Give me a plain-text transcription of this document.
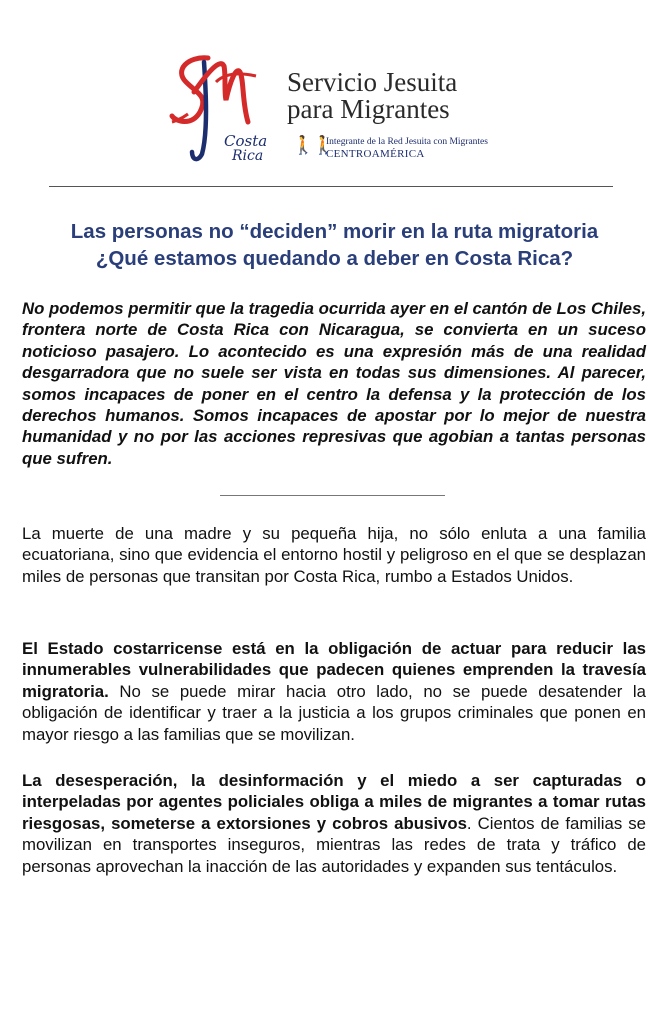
Costa
Rica
Servicio Jesuita
para Migrantes
🚶🚶
Integrante de la Red Jesuita con Migrantes
CENTROAMÉRICA
Las personas no “deciden” morir en la ruta migratoria
¿Qué estamos quedando a deber en Costa Rica?

No podemos permitir que la tragedia ocurrida ayer en el cantón de Los Chiles, frontera norte de Costa Rica con Nicaragua, se convierta en un suceso noticioso pasajero. Lo acontecido es una expresión más de una realidad desgarradora que no suele ser vista en todas sus dimensiones. Al parecer, somos incapaces de poner en el centro la defensa y la protección de los derechos humanos. Somos incapaces de apostar por lo mejor de nuestra humanidad y no por las acciones represivas que agobian a tantas personas que sufren.

La muerte de una madre y su pequeña hija, no sólo enluta a una familia ecuatoriana, sino que evidencia el entorno hostil y peligroso en el que se desplazan miles de personas que transitan por Costa Rica, rumbo a Estados Unidos.

El Estado costarricense está en la obligación de actuar para reducir las innumerables vulnerabilidades que padecen quienes emprenden la travesía migratoria. No se puede mirar hacia otro lado, no se puede desatender la obligación de identificar y traer a la justicia a los grupos criminales que ponen en mayor riesgo a las familias que se movilizan.

La desesperación, la desinformación y el miedo a ser capturadas o interpeladas por agentes policiales obliga a miles de migrantes a tomar rutas riesgosas, someterse a extorsiones y cobros abusivos. Cientos de familias se movilizan en transportes inseguros, mientras las redes de trata y tráfico de personas aprovechan la inacción de las autoridades y expanden sus tentáculos.
